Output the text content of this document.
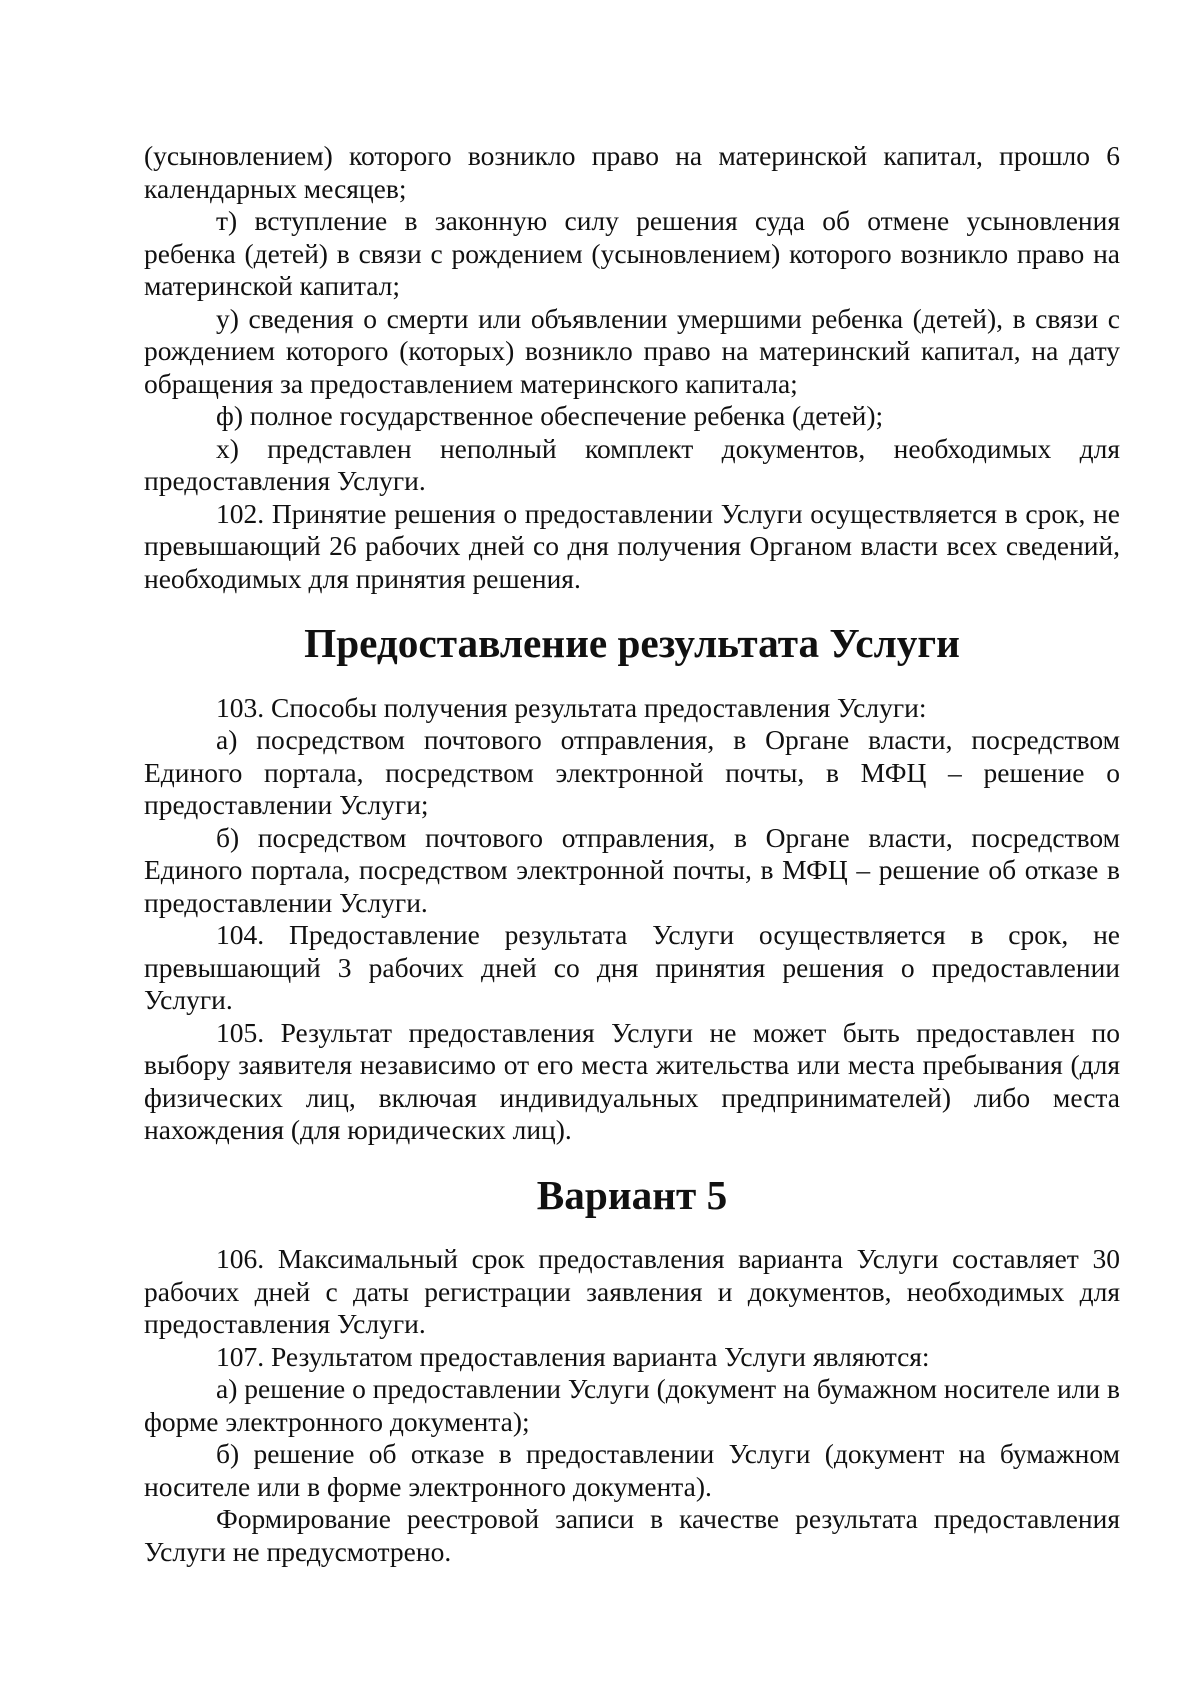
(усыновлением) которого возникло право на материнской капитал, прошло 6 календарных месяцев;

т) вступление в законную силу решения суда об отмене усыновления ребенка (детей) в связи с рождением (усыновлением) которого возникло право на материнской капитал;

у) сведения о смерти или объявлении умершими ребенка (детей), в связи с рождением которого (которых) возникло право на материнский капитал, на дату обращения за предоставлением материнского капитала;

ф) полное государственное обеспечение ребенка (детей);

х) представлен неполный комплект документов, необходимых для предоставления Услуги.

102. Принятие решения о предоставлении Услуги осуществляется в срок, не превышающий 26 рабочих дней со дня получения Органом власти всех сведений, необходимых для принятия решения.

Предоставление результата Услуги

103. Способы получения результата предоставления Услуги:

а) посредством почтового отправления, в Органе власти, посредством Единого портала, посредством электронной почты, в МФЦ – решение о предоставлении Услуги;

б) посредством почтового отправления, в Органе власти, посредством Единого портала, посредством электронной почты, в МФЦ – решение об отказе в предоставлении Услуги.

104. Предоставление результата Услуги осуществляется в срок, не превышающий 3 рабочих дней со дня принятия решения о предоставлении Услуги.

105. Результат предоставления Услуги не может быть предоставлен по выбору заявителя независимо от его места жительства или места пребывания (для физических лиц, включая индивидуальных предпринимателей) либо места нахождения (для юридических лиц).

Вариант 5

106. Максимальный срок предоставления варианта Услуги составляет 30 рабочих дней с даты регистрации заявления и документов, необходимых для предоставления Услуги.

107. Результатом предоставления варианта Услуги являются:

а) решение о предоставлении Услуги (документ на бумажном носителе или в форме электронного документа);

б) решение об отказе в предоставлении Услуги (документ на бумажном носителе или в форме электронного документа).

Формирование реестровой записи в качестве результата предоставления Услуги не предусмотрено.
